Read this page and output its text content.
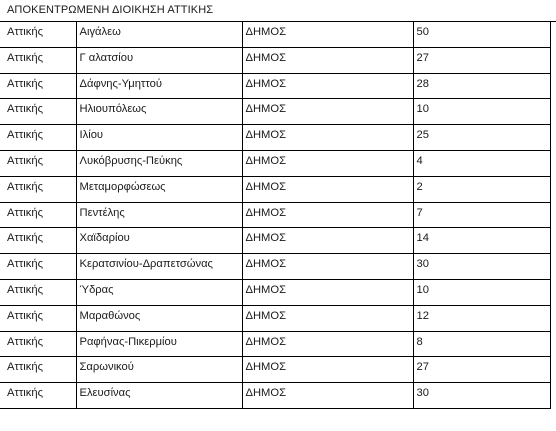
ΑΠΟΚΕΝΤΡΩΜΕΝΗ ΔΙΟΙΚΗΣΗ ΑΤΤΙΚΗΣ
Αττικής	Αιγάλεω	ΔΗΜΟΣ	50
Αττικής	Γ αλατσίου	ΔΗΜΟΣ	27
Αττικής	Δάφνης-Υμηττού	ΔΗΜΟΣ	28
Αττικής	Ηλιουπόλεως	ΔΗΜΟΣ	10
Αττικής	Ιλίου	ΔΗΜΟΣ	25
Αττικής	Λυκόβρυσης-Πεύκης	ΔΗΜΟΣ	4
Αττικής	Μεταμορφώσεως	ΔΗΜΟΣ	2
Αττικής	Πεντέλης	ΔΗΜΟΣ	7
Αττικής	Χαϊδαρίου	ΔΗΜΟΣ	14
Αττικής	Κερατσινίου-Δραπετσώνας	ΔΗΜΟΣ	30
Αττικής	Ύδρας	ΔΗΜΟΣ	10
Αττικής	Μαραθώνος	ΔΗΜΟΣ	12
Αττικής	Ραφήνας-Πικερμίου	ΔΗΜΟΣ	8
Αττικής	Σαρωνικού	ΔΗΜΟΣ	27
Αττικής	Ελευσίνας	ΔΗΜΟΣ	30
